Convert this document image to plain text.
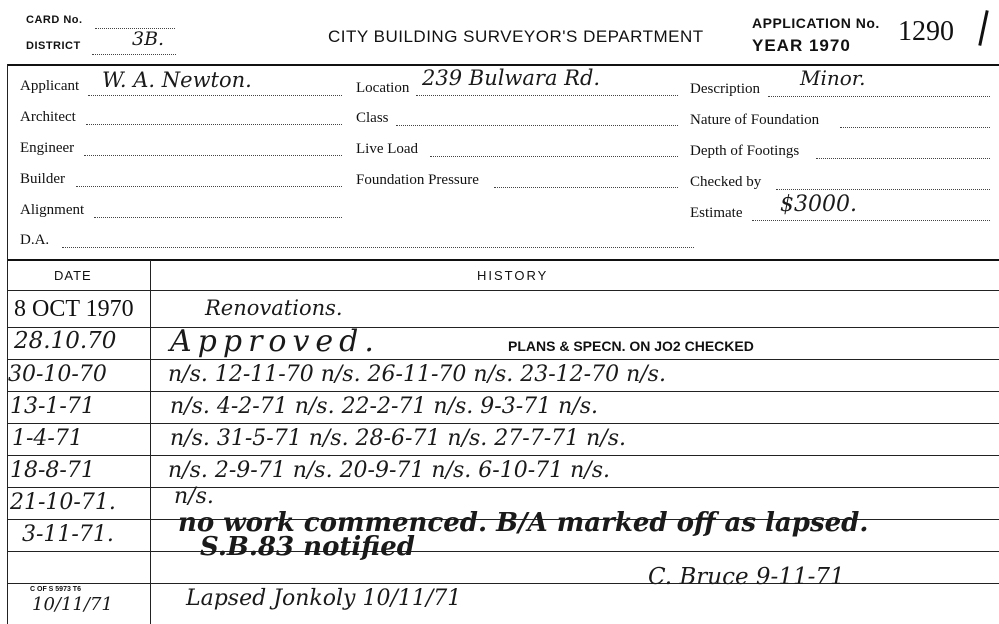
CARD No.
DISTRICT	3B.	CITY BUILDING SURVEYOR'S DEPARTMENT
APPLICATION No.
YEAR 1970 1290
Applicant W. A. Newton.
Architect
Engineer
Builder
Alignment
D.A.
Location 239 Bulwara Rd.
Class
Live Load
Foundation Pressure
Description Minor.
Nature of Foundation
Depth of Footings
Checked by
Estimate $3000.
DATE	HISTORY
8 OCT 1970	Renovations.
28.10.70 Approved.	PLANS & SPECN. ON JO2 CHECKED
30-10-70	n/s. 12-11-70 n/s. 26-11-70 n/s. 23-12-70 n/s.
13-1-71	n/s. 4-2-71 n/s. 22-2-71 n/s. 9-3-71 n/s.
1-4-71	n/s. 31-5-71 n/s. 28-6-71 n/s. 27-7-71 n/s.
18-8-71	n/s. 2-9-71 n/s. 20-9-71 n/s. 6-10-71 n/s.
21-10-71.	n/s.
3-11-71. no work commenced. B/A marked off as lapsed.
S.B.83 notified
C. Bruce 9-11-71
C OF S 5973 T6
10/11/71	Lapsed Jonkoly 10/11/71
